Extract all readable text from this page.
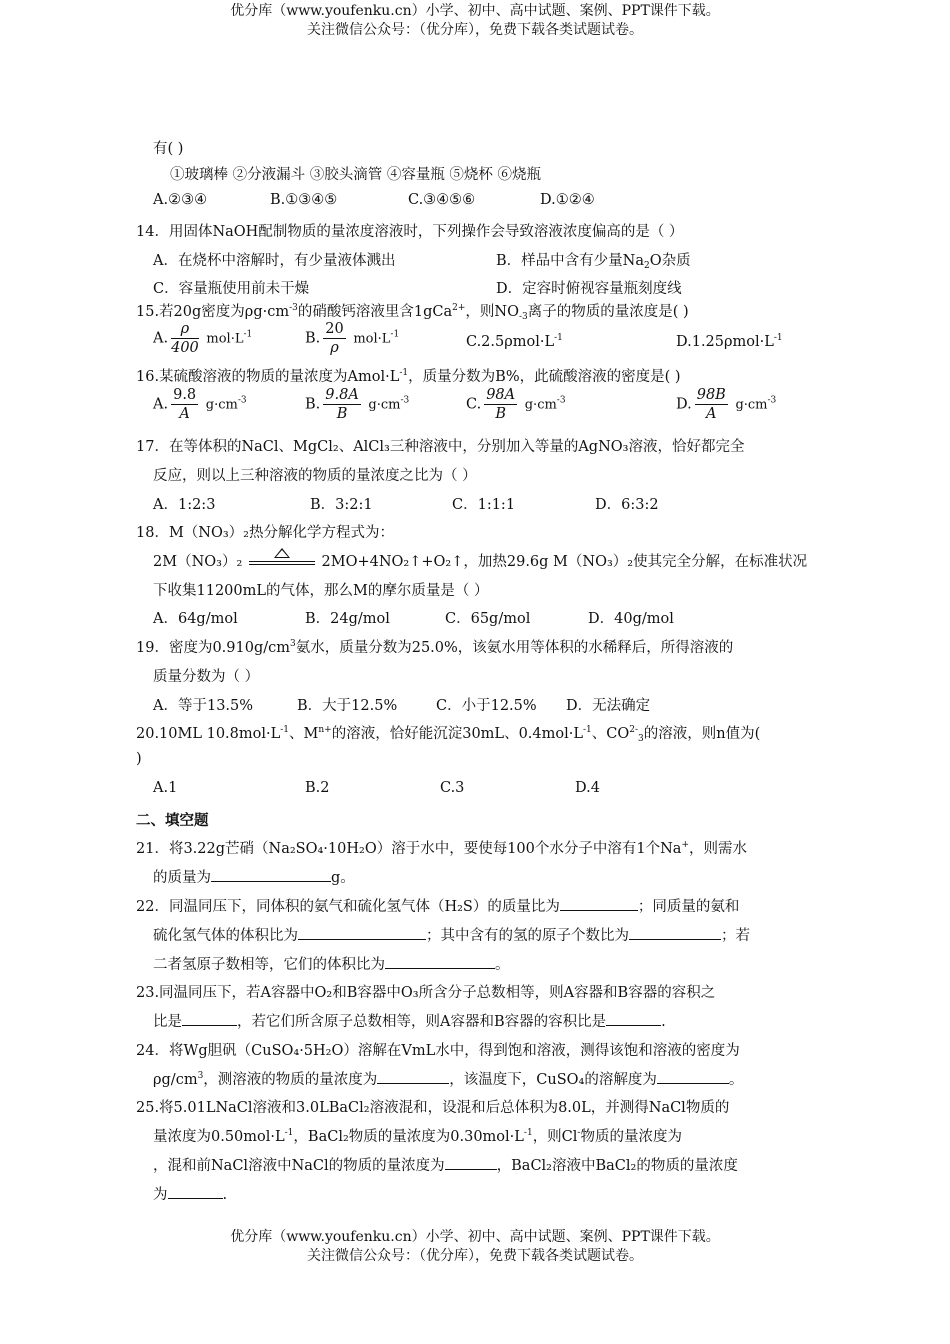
优分库（www.youfenku.cn）小学、初中、高中试题、案例、PPT课件下载。
关注微信公众号：（优分库），免费下载各类试题试卷。
有( )
①玻璃棒 ②分液漏斗 ③胶头滴管 ④容量瓶 ⑤烧杯 ⑥烧瓶
A.②③④	B.①③④⑤	C.③④⑤⑥	D.①②④
14．用固体NaOH配制物质的量浓度溶液时，下列操作会导致溶液浓度偏高的是（ ）
A．在烧杯中溶解时，有少量液体溅出	B．样品中含有少量$Na_2O$杂质
C．容量瓶使用前未干燥	D．定容时俯视容量瓶刻度线
15.若20g密度为$\rho g\cdot cm^{-3}$的硝酸钙溶液里含1gCa$^{2+}$，则$NO_{-3}$离子的物质的量浓度是( )
A. $\frac{\rho}{400} mol\cdot L^{-1}$	B. $\frac{20}{\rho} mol\cdot L^{-1}$	$C.2.5\rho mol\cdot L^{-1}$	$D.1.25\rho mol\cdot L^{-1}$
16.某硫酸溶液的物质的量浓度为$Amol\cdot L^{-1}$，质量分数为B%，此硫酸溶液的密度是( )
A. $\frac{9.8}{A} g\cdot cm^{-3}$	B. $\frac{9.8A}{B} g\cdot cm^{-3}$	C. $\frac{98A}{B} g\cdot cm^{-3}$	D. $\frac{98B}{A} g\cdot cm^{-3}$
17．在等体积的NaCl、MgCl₂、AlCl₃三种溶液中，分别加入等量的AgNO₃溶液，恰好都完全
反应，则以上三种溶液的物质的量浓度之比为（ ）
A．1:2:3	B．3:2:1	C．1:1:1	D．6:3:2
18．M（NO₃）₂热分解化学方程式为：
2M（NO₃）₂	2MO+4NO₂↑+O₂↑，加热29.6g M（NO₃）₂使其完全分解，在标准状况
下收集11200mL的气体，那么M的摩尔质量是（ ）
A．64g/mol	B．24g/mol	C．65g/mol	D．40g/mol
19．密度为$0.910g/cm^3$氨水，质量分数为25.0%，该氨水用等体积的水稀释后，所得溶液的
质量分数为（ ）
A．等于13.5%	B．大于12.5%	C．小于12.5% D．无法确定
20.10ML $10.8mol\cdot L^{-1}$、$M^{n+}$的溶液，恰好能沉淀30mL、$0.4mol\cdot L^{-1}$、$CO^{2-}_3$的溶液，则n值为(
)
A.1	B.2	C.3	D.4
二、填空题
21．将3.22g芒硝（Na₂SO₄·10H₂O）溶于水中，要使每100个水分子中溶有1个Na+，则需水
的质量为	g。
22．同温同压下，同体积的氨气和硫化氢气体（H₂S）的质量比为	；同质量的氨和
硫化氢气体的体积比为	；其中含有的氢的原子个数比为	；若
二者氢原子数相等，它们的体积比为	。
23.同温同压下，若A容器中O₂和B容器中O₃所含分子总数相等，则A容器和B容器的容积之
比是	，若它们所含原子总数相等，则A容器和B容器的容积比是	.
24．将Wg胆矾（CuSO₄·5H₂O）溶解在VmL水中，得到饱和溶液，测得该饱和溶液的密度为
$\rho g/cm^3$，测溶液的物质的量浓度为	，该温度下，CuSO₄的溶解度为	。
25.将5.01LNaCl溶液和3.0LBaCl₂溶液混和，设混和后总体积为8.0L，并测得NaCl物质的
量浓度为$0.50mol\cdot L^{-1}$，BaCl₂物质的量浓度为$0.30mol\cdot L^{-1}$，则Cl-物质的量浓度为
，混和前NaCl溶液中NaCl的物质的量浓度为	，BaCl₂溶液中BaCl₂的物质的量浓度
为	.
优分库（www.youfenku.cn）小学、初中、高中试题、案例、PPT课件下载。
关注微信公众号：（优分库），免费下载各类试题试卷。
